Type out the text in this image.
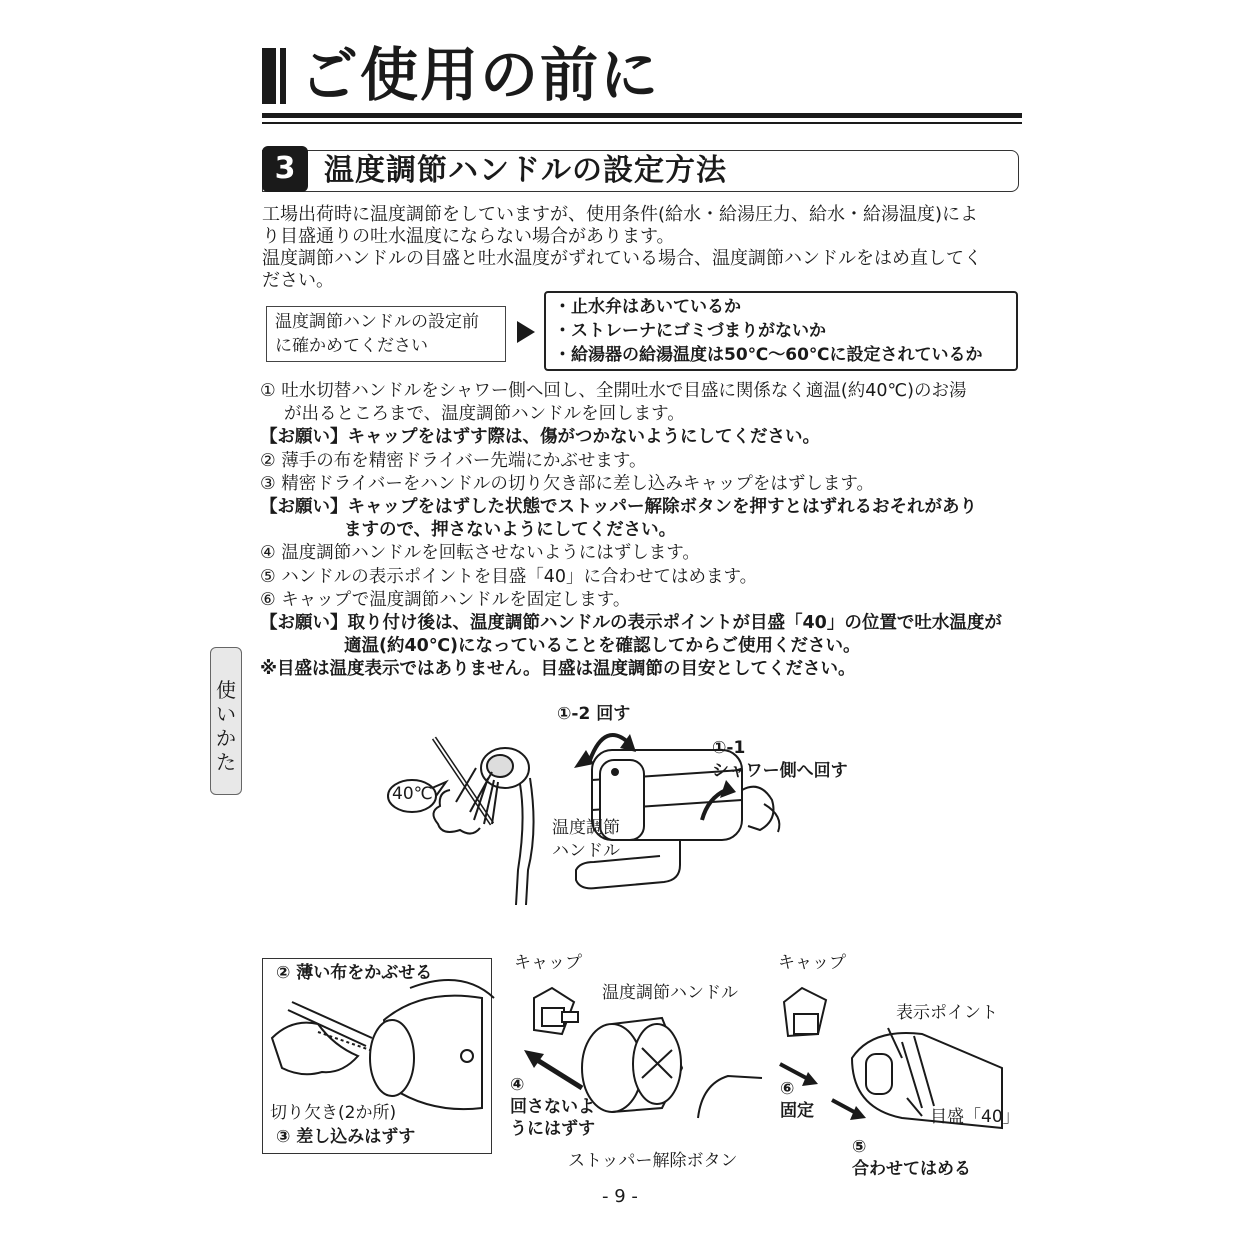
ご使用の前に
3 温度調節ハンドルの設定方法

工場出荷時に温度調節をしていますが、使用条件(給水・給湯圧力、給水・給湯温度)によ

り目盛通りの吐水温度にならない場合があります。

温度調節ハンドルの目盛と吐水温度がずれている場合、温度調節ハンドルをはめ直してく

ださい。

温度調節ハンドルの設定前
に確かめてください
・止水弁はあいているか
・ストレーナにゴミづまりがないか
・給湯器の給湯温度は50℃〜60℃に設定されているか
① 吐水切替ハンドルをシャワー側へ回し、全開吐水で目盛に関係なく適温(約40℃)のお湯
が出るところまで、温度調節ハンドルを回します。
【お願い】キャップをはずす際は、傷がつかないようにしてください。
② 薄手の布を精密ドライバー先端にかぶせます。
③ 精密ドライバーをハンドルの切り欠き部に差し込みキャップをはずします。
【お願い】キャップをはずした状態でストッパー解除ボタンを押すとはずれるおそれがあり
ますので、押さないようにしてください。
④ 温度調節ハンドルを回転させないようにはずします。
⑤ ハンドルの表示ポイントを目盛「40」に合わせてはめます。
⑥ キャップで温度調節ハンドルを固定します。
【お願い】取り付け後は、温度調節ハンドルの表示ポイントが目盛「40」の位置で吐水温度が
適温(約40℃)になっていることを確認してからご使用ください。
※目盛は温度表示ではありません。目盛は温度調節の目安としてください。
使
い
か
た
40℃
①-2 回す
①-1
シャワー側へ回す
温度調節
ハンドル
② 薄い布をかぶせる
切り欠き(2か所)
③ 差し込みはずす
キャップ
温度調節ハンドル
④
回さないよ
うにはずす
ストッパー解除ボタン
キャップ
表示ポイント
⑥
固定	目盛「40」
⑤
合わせてはめる
- 9 -
